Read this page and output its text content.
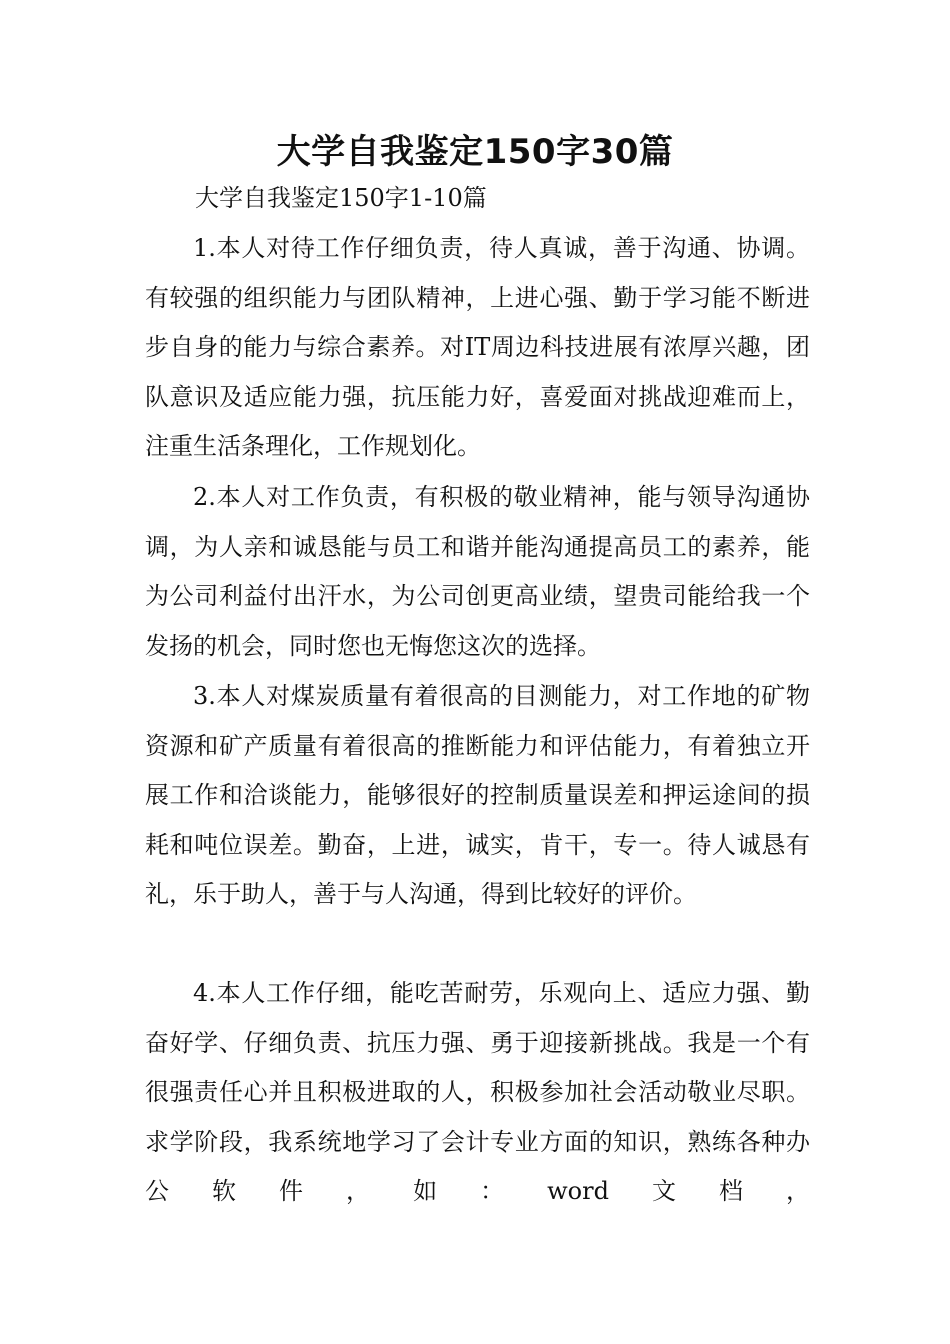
大学自我鉴定150字30篇
大学自我鉴定150字1-10篇

1.本人对待工作仔细负责，待人真诚，善于沟通、协调。有较强的组织能力与团队精神，上进心强、勤于学习能不断进步自身的能力与综合素养。对IT周边科技进展有浓厚兴趣，团队意识及适应能力强，抗压能力好，喜爱面对挑战迎难而上，注重生活条理化，工作规划化。

2.本人对工作负责，有积极的敬业精神，能与领导沟通协调，为人亲和诚恳能与员工和谐并能沟通提高员工的素养，能为公司利益付出汗水，为公司创更高业绩，望贵司能给我一个发扬的机会，同时您也无悔您这次的选择。

3.本人对煤炭质量有着很高的目测能力，对工作地的矿物资源和矿产质量有着很高的推断能力和评估能力，有着独立开展工作和洽谈能力，能够很好的控制质量误差和押运途间的损耗和吨位误差。勤奋，上进，诚实，肯干，专一。待人诚恳有礼，乐于助人，善于与人沟通，得到比较好的评价。

4.本人工作仔细，能吃苦耐劳，乐观向上、适应力强、勤奋好学、仔细负责、抗压力强、勇于迎接新挑战。我是一个有很强责任心并且积极进取的人，积极参加社会活动敬业尽职。求学阶段，我系统地学习了会计专业方面的知识，熟练各种办公软件，如：word文档，
